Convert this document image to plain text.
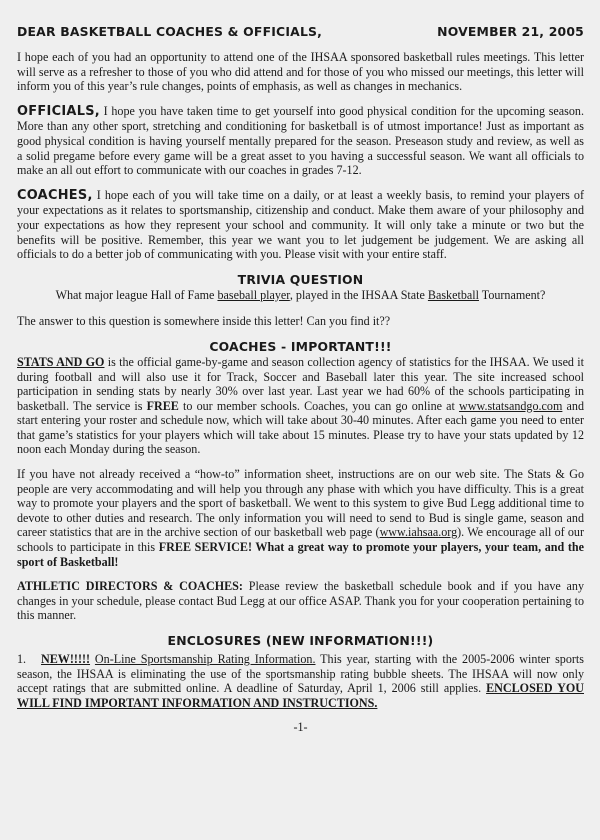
DEAR BASKETBALL COACHES & OFFICIALS,	NOVEMBER 21, 2005

I hope each of you had an opportunity to attend one of the IHSAA sponsored basketball rules meetings. This letter will serve as a refresher to those of you who did attend and for those of you who missed our meetings, this letter will inform you of this year’s rule changes, points of emphasis, as well as changes in mechanics.

OFFICIALS, I hope you have taken time to get yourself into good physical condition for the upcoming season. More than any other sport, stretching and conditioning for basketball is of utmost importance! Just as important as good physical condition is having yourself mentally prepared for the season. Preseason study and review, as well as a solid pregame before every game will be a great asset to you having a successful season. We want all officials to make an all out effort to communicate with our coaches in grades 7-12.

COACHES, I hope each of you will take time on a daily, or at least a weekly basis, to remind your players of your expectations as it relates to sportsmanship, citizenship and conduct. Make them aware of your philosophy and your expectations as how they represent your school and community. It will only take a minute or two but the benefits will be positive. Remember, this year we want you to let judgement be judgement. We are asking all officials to do a better job of communicating with you. Please visit with your entire staff.

TRIVIA QUESTION

What major league Hall of Fame baseball player, played in the IHSAA State Basketball Tournament?

The answer to this question is somewhere inside this letter! Can you find it??

COACHES - IMPORTANT!!!

STATS AND GO is the official game-by-game and season collection agency of statistics for the IHSAA. We used it during football and will also use it for Track, Soccer and Baseball later this year. The site increased school participation in sending stats by nearly 30% over last year. Last year we had 60% of the schools participating in basketball. The service is FREE to our member schools. Coaches, you can go online at www.statsandgo.com and start entering your roster and schedule now, which will take about 30-40 minutes. After each game you need to enter that game’s statistics for your players which will take about 15 minutes. Please try to have your stats updated by 12 noon each Monday during the season.

If you have not already received a “how-to” information sheet, instructions are on our web site. The Stats & Go people are very accommodating and will help you through any phase with which you have difficulty. This is a great way to promote your players and the sport of basketball. We went to this system to give Bud Legg additional time to devote to other duties and research. The only information you will need to send to Bud is single game, season and career statistics that are in the archive section of our basketball web page (www.iahsaa.org). We encourage all of our schools to participate in this FREE SERVICE! What a great way to promote your players, your team, and the sport of Basketball!

ATHLETIC DIRECTORS & COACHES: Please review the basketball schedule book and if you have any changes in your schedule, please contact Bud Legg at our office ASAP. Thank you for your cooperation pertaining to this manner.

ENCLOSURES (NEW INFORMATION!!!)

1. NEW!!!!! On-Line Sportsmanship Rating Information. This year, starting with the 2005-2006 winter sports season, the IHSAA is eliminating the use of the sportsmanship rating bubble sheets. The IHSAA will now only accept ratings that are submitted online. A deadline of Saturday, April 1, 2006 still applies. ENCLOSED YOU WILL FIND IMPORTANT INFORMATION AND INSTRUCTIONS.

-1-
